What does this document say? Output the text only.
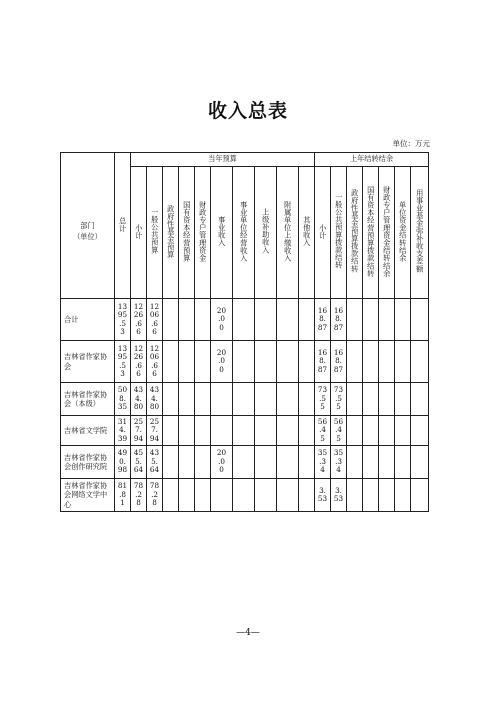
收入总表
单位：万元

部门
（单位）	总计	当年预算										上年结转结余						
		小计	一般公共预算	政府性基金预算	国有资本经营预算	财政专户管理资金	事业收入	事业单位经营收入	上级补助收入	附属单位上缴收入	其他收入	小计	一般公共预算拨款结转	政府性基金预算拨款结转	国有资本经营预算拨款结转	财政专户管理资金结转结余	单位资金结转结余	用事业基金弥补收支差额
合计	13
95
.5
3	12
26
.6
6	12
06
.6
6				20
.0
0					16
8.
87	16
8.
87					
吉林省作家协会	13
95
.5
3	12
26
.6
6	12
06
.6
6				20
.0
0					16
8.
87	16
8.
87					
吉林省作家协会（本级）	50
8.
35	43
4.
80	43
4.
80									73
.5
5	73
.5
5					
吉林省文学院	31
4.
39	25
7.
94	25
7.
94									56
.4
5	56
.4
5					
吉林省作家协会创作研究院	49
0.
98	45
5.
64	43
5.
64				20
.0
0					35
.3
4	35
.3
4					
吉林省作家协会网络文学中心	81
.8
1	78
.2
8	78
.2
8									3.
53	3.
53					
—4—
